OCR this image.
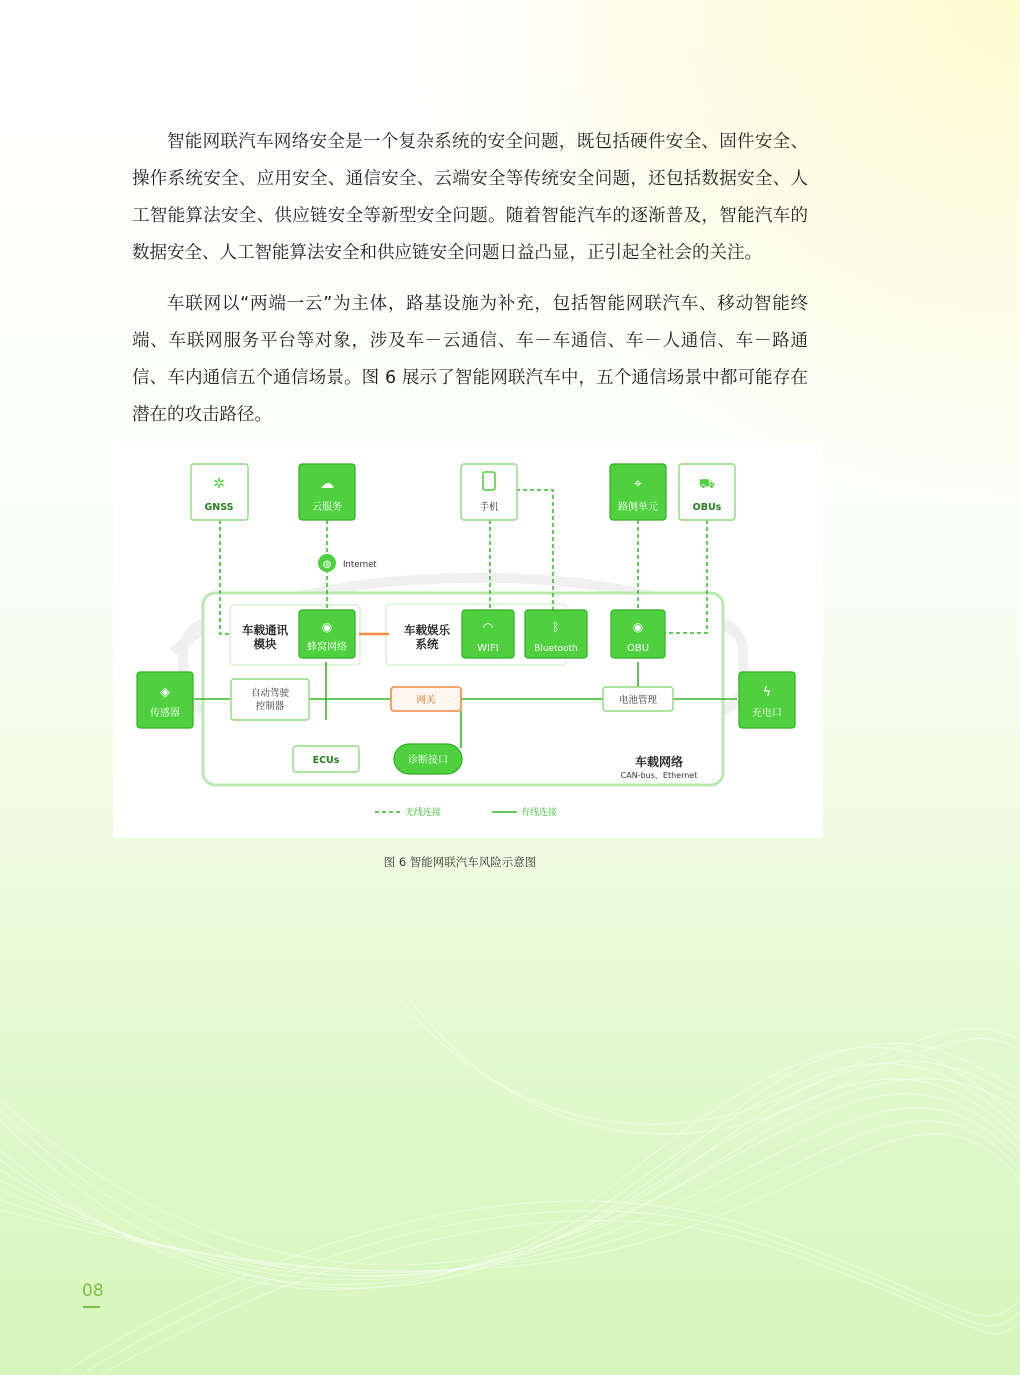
智能网联汽车网络安全是一个复杂系统的安全问题，既包括硬件安全、固件安全、操作系统安全、应用安全、通信安全、云端安全等传统安全问题，还包括数据安全、人工智能算法安全、供应链安全等新型安全问题。随着智能汽车的逐渐普及，智能汽车的数据安全、人工智能算法安全和供应链安全问题日益凸显，正引起全社会的关注。

车联网以“两端一云”为主体，路基设施为补充，包括智能网联汽车、移动智能终端、车联网服务平台等对象，涉及车－云通信、车－车通信、车－人通信、车－路通信、车内通信五个通信场景。图 6 展示了智能网联汽车中，五个通信场景中都可能存在潜在的攻击路径。

✲
GNSS
☁
云服务	手机
⌖
路侧单元
⛟
OBUs
◍ Internet
车载通讯
模块
◉
蜂窝网络
车载娱乐
系统
◠
WIFI
ᛒ
Bluetooth
◉
OBU
◈
传感器
自动驾驶
控制器
网关	电池管理
ϟ
充电口
ECUs	诊断接口	车载网络
CAN-bus、Ethernet
无线连接	有线连接
图 6 智能网联汽车风险示意图
08
